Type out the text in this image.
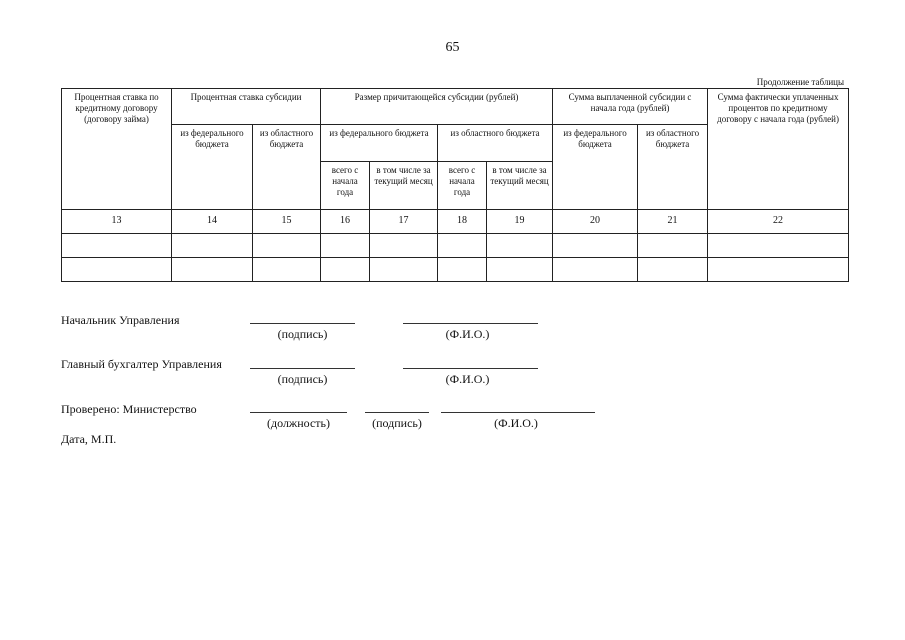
65
Продолжение таблицы
Процентная ставка по кредитному договору (договору займа)	Процентная ставка субсидии		Размер причитающейся субсидии (рублей)				Сумма выплаченной субсидии с начала года (рублей)		Сумма фактически уплаченных процентов по кредитному договору с начала года (рублей)
	из федерального бюджета	из областного бюджета	из федерального бюджета		из областного бюджета		из федерального бюджета	из областного бюджета	
			всего с начала года	в том числе за текущий месяц	всего с начала года	в том числе за текущий месяц			
13	14	15	16	17	18	19	20	21	22

Начальник Управления
(подпись)	(Ф.И.О.)
Главный бухгалтер Управления
(подпись)	(Ф.И.О.)
Проверено: Министерство
(должность)	(подпись)	(Ф.И.О.)
Дата, М.П.
